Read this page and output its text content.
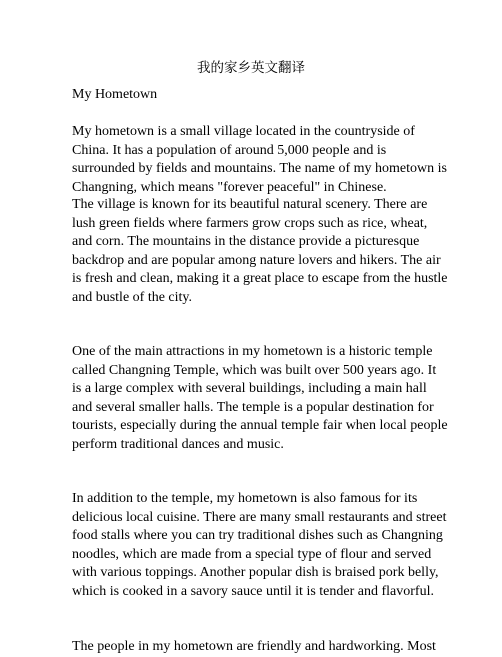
我的家乡英文翻译
My Hometown
My hometown is a small village located in the countryside of
China. It has a population of around 5,000 people and is
surrounded by fields and mountains. The name of my hometown is
Changning, which means "forever peaceful" in Chinese.
The village is known for its beautiful natural scenery. There are
lush green fields where farmers grow crops such as rice, wheat,
and corn. The mountains in the distance provide a picturesque
backdrop and are popular among nature lovers and hikers. The air
is fresh and clean, making it a great place to escape from the hustle
and bustle of the city.
One of the main attractions in my hometown is a historic temple
called Changning Temple, which was built over 500 years ago. It
is a large complex with several buildings, including a main hall
and several smaller halls. The temple is a popular destination for
tourists, especially during the annual temple fair when local people
perform traditional dances and music.
In addition to the temple, my hometown is also famous for its
delicious local cuisine. There are many small restaurants and street
food stalls where you can try traditional dishes such as Changning
noodles, which are made from a special type of flour and served
with various toppings. Another popular dish is braised pork belly,
which is cooked in a savory sauce until it is tender and flavorful.
The people in my hometown are friendly and hardworking. Most
